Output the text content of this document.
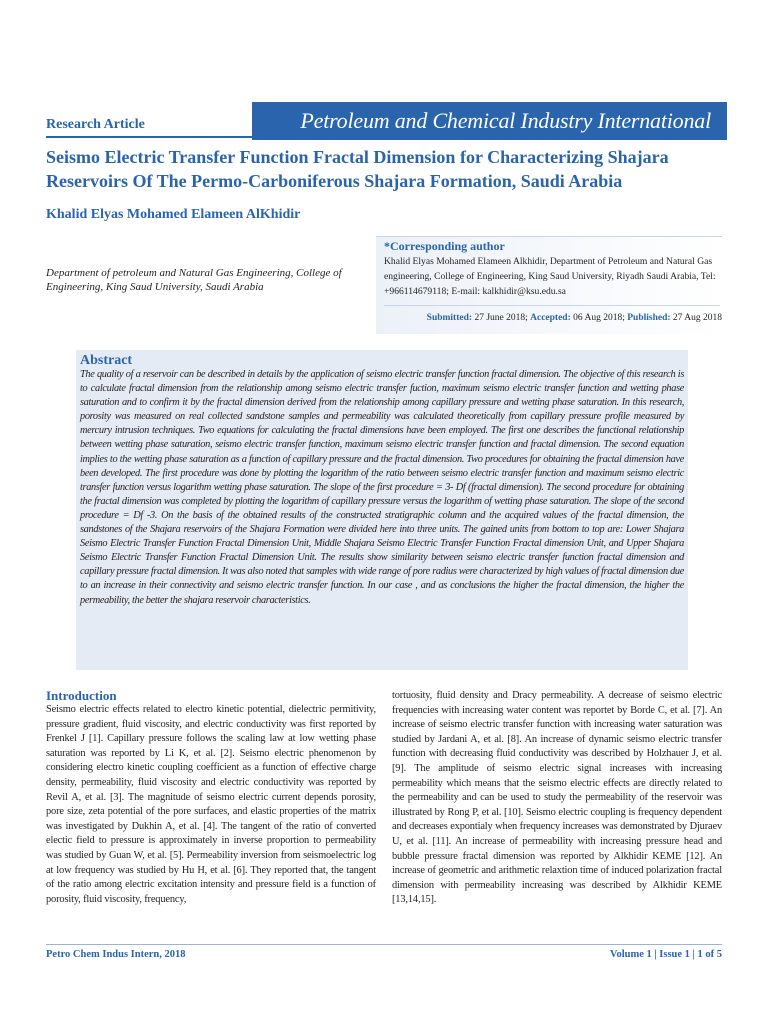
Petroleum and Chemical Industry International
Research Article
Seismo Electric Transfer Function Fractal Dimension for Characterizing Shajara Reservoirs Of The Permo-Carboniferous Shajara Formation, Saudi Arabia
Khalid Elyas Mohamed Elameen AlKhidir
Department of petroleum and Natural Gas Engineering, College of Engineering, King Saud University, Saudi Arabia
*Corresponding author
Khalid Elyas Mohamed Elameen Alkhidir, Department of Petroleum and Natural Gas engineering, College of Engineering, King Saud University, Riyadh Saudi Arabia, Tel: +966114679118; E-mail: kalkhidir@ksu.edu.sa
Submitted: 27 June 2018; Accepted: 06 Aug 2018; Published: 27 Aug 2018
Abstract
The quality of a reservoir can be described in details by the application of seismo electric transfer function fractal dimension. The objective of this research is to calculate fractal dimension from the relationship among seismo electric transfer fuction, maximum seismo electric transfer function and wetting phase saturation and to confirm it by the fractal dimension derived from the relationship among capillary pressure and wetting phase saturation. In this research, porosity was measured on real collected sandstone samples and permeability was calculated theoretically from capillary pressure profile measured by mercury intrusion techniques. Two equations for calculating the fractal dimensions have been employed. The first one describes the functional relationship between wetting phase saturation, seismo electric transfer function, maximum seismo electric transfer function and fractal dimension. The second equation implies to the wetting phase saturation as a function of capillary pressure and the fractal dimension. Two procedures for obtaining the fractal dimension have been developed. The first procedure was done by plotting the logarithm of the ratio between seismo electric transfer function and maximum seismo electric transfer function versus logarithm wetting phase saturation. The slope of the first procedure = 3- Df (fractal dimension). The second procedure for obtaining the fractal dimension was completed by plotting the logarithm of capillary pressure versus the logarithm of wetting phase saturation. The slope of the second procedure = Df -3. On the basis of the obtained results of the constructed stratigraphic column and the acquired values of the fractal dimension, the sandstones of the Shajara reservoirs of the Shajara Formation were divided here into three units. The gained units from bottom to top are: Lower Shajara Seismo Electric Transfer Function Fractal Dimension Unit, Middle Shajara Seismo Electric Transfer Function Fractal dimension Unit, and Upper Shajara Seismo Electric Transfer Function Fractal Dimension Unit. The results show similarity between seismo electric transfer function fractal dimension and capillary pressure fractal dimension. It was also noted that samples with wide range of pore radius were characterized by high values of fractal dimension due to an increase in their connectivity and seismo electric transfer function. In our case , and as conclusions the higher the fractal dimension, the higher the permeability, the better the shajara reservoir characteristics.
Introduction
Seismo electric effects related to electro kinetic potential, dielectric permitivity, pressure gradient, fluid viscosity, and electric conductivity was first reported by Frenkel J [1]. Capillary pressure follows the scaling law at low wetting phase saturation was reported by Li K, et al. [2]. Seismo electric phenomenon by considering electro kinetic coupling coefficient as a function of effective charge density, permeability, fluid viscosity and electric conductivity was reported by Revil A, et al. [3]. The magnitude of seismo electric current depends porosity, pore size, zeta potential of the pore surfaces, and elastic properties of the matrix was investigated by Dukhin A, et al. [4]. The tangent of the ratio of converted electic field to pressure is approximately in inverse proportion to permeability was studied by Guan W, et al. [5]. Permeability inversion from seismoelectric log at low frequency was studied by Hu H, et al. [6]. They reported that, the tangent of the ratio among electric excitation intensity and pressure field is a function of porosity, fluid viscosity, frequency,
tortuosity, fluid density and Dracy permeability. A decrease of seismo electric frequencies with increasing water content was reportet by Borde C, et al. [7]. An increase of seismo electric transfer function with increasing water saturation was studied by Jardani A, et al. [8]. An increase of dynamic seismo electric transfer function with decreasing fluid conductivity was described by Holzhauer J, et al. [9]. The amplitude of seismo electric signal increases with increasing permeability which means that the seismo electric effects are directly related to the permeability and can be used to study the permeability of the reservoir was illustrated by Rong P, et al. [10]. Seismo electric coupling is frequency dependent and decreases expontialy when frequency increases was demonstrated by Djuraev U, et al. [11]. An increase of permeability with increasing pressure head and bubble pressure fractal dimension was reported by Alkhidir KEME [12]. An increase of geometric and arithmetic relaxtion time of induced polarization fractal dimension with permeability increasing was described by Alkhidir KEME [13,14,15].
Petro Chem Indus Intern, 2018	Volume 1 | Issue 1 | 1 of 5
